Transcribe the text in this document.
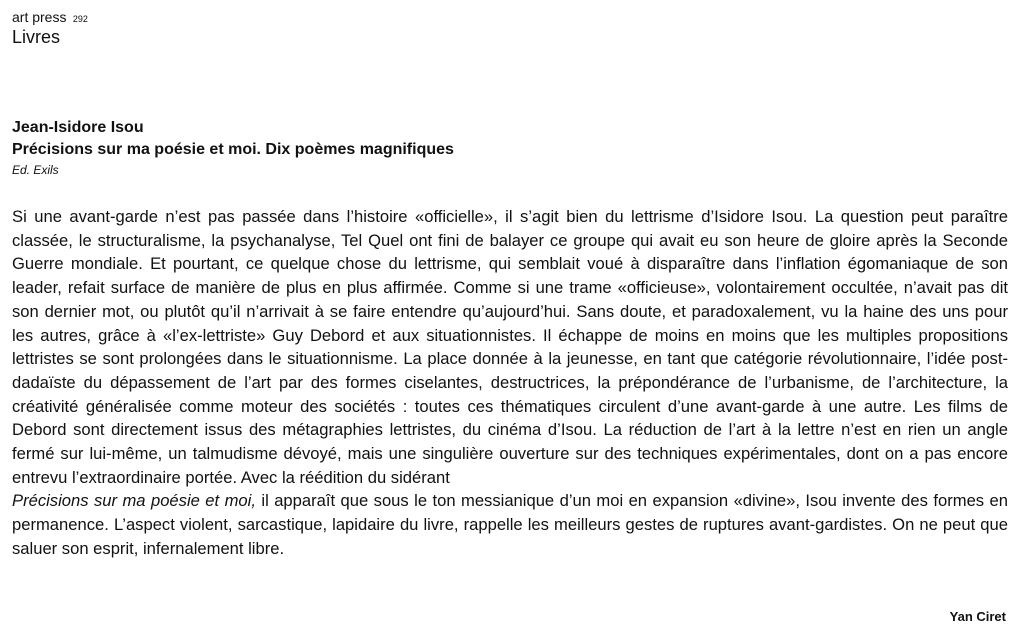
art press 292
Livres
Jean-Isidore Isou
Précisions sur ma poésie et moi. Dix poèmes magnifiques
Ed. Exils
Si une avant-garde n’est pas passée dans l’histoire «officielle», il s’agit bien du lettrisme d’Isidore Isou. La question peut paraître classée, le structuralisme, la psychanalyse, Tel Quel ont fini de balayer ce groupe qui avait eu son heure de gloire après la Seconde Guerre mondiale. Et pourtant, ce quelque chose du lettrisme, qui semblait voué à disparaître dans l’inflation égomaniaque de son leader, refait surface de manière de plus en plus affirmée. Comme si une trame «officieuse», volontairement occultée, n’avait pas dit son dernier mot, ou plutôt qu’il n’arrivait à se faire entendre qu’aujourd’hui. Sans doute, et paradoxalement, vu la haine des uns pour les autres, grâce à «l’ex-lettriste» Guy Debord et aux situationnistes. Il échappe de moins en moins que les multiples propositions lettristes se sont prolongées dans le situationnisme. La place donnée à la jeunesse, en tant que catégorie révolutionnaire, l’idée post-dadaïste du dépassement de l’art par des formes ciselantes, destructrices, la prépondérance de l’urbanisme, de l’architecture, la créativité généralisée comme moteur des sociétés : toutes ces thématiques circulent d’une avant-garde à une autre. Les films de Debord sont directement issus des métagraphies lettristes, du cinéma d’Isou. La réduction de l’art à la lettre n’est en rien un angle fermé sur lui-même, un talmudisme dévoyé, mais une singulière ouverture sur des techniques expérimentales, dont on a pas encore entrevu l’extraordinaire portée. Avec la réédition du sidérant
Précisions sur ma poésie et moi, il apparaît que sous le ton messianique d’un moi en expansion «divine», Isou invente des formes en permanence. L’aspect violent, sarcastique, lapidaire du livre, rappelle les meilleurs gestes de ruptures avant-gardistes. On ne peut que saluer son esprit, infernalement libre.
Yan Ciret
